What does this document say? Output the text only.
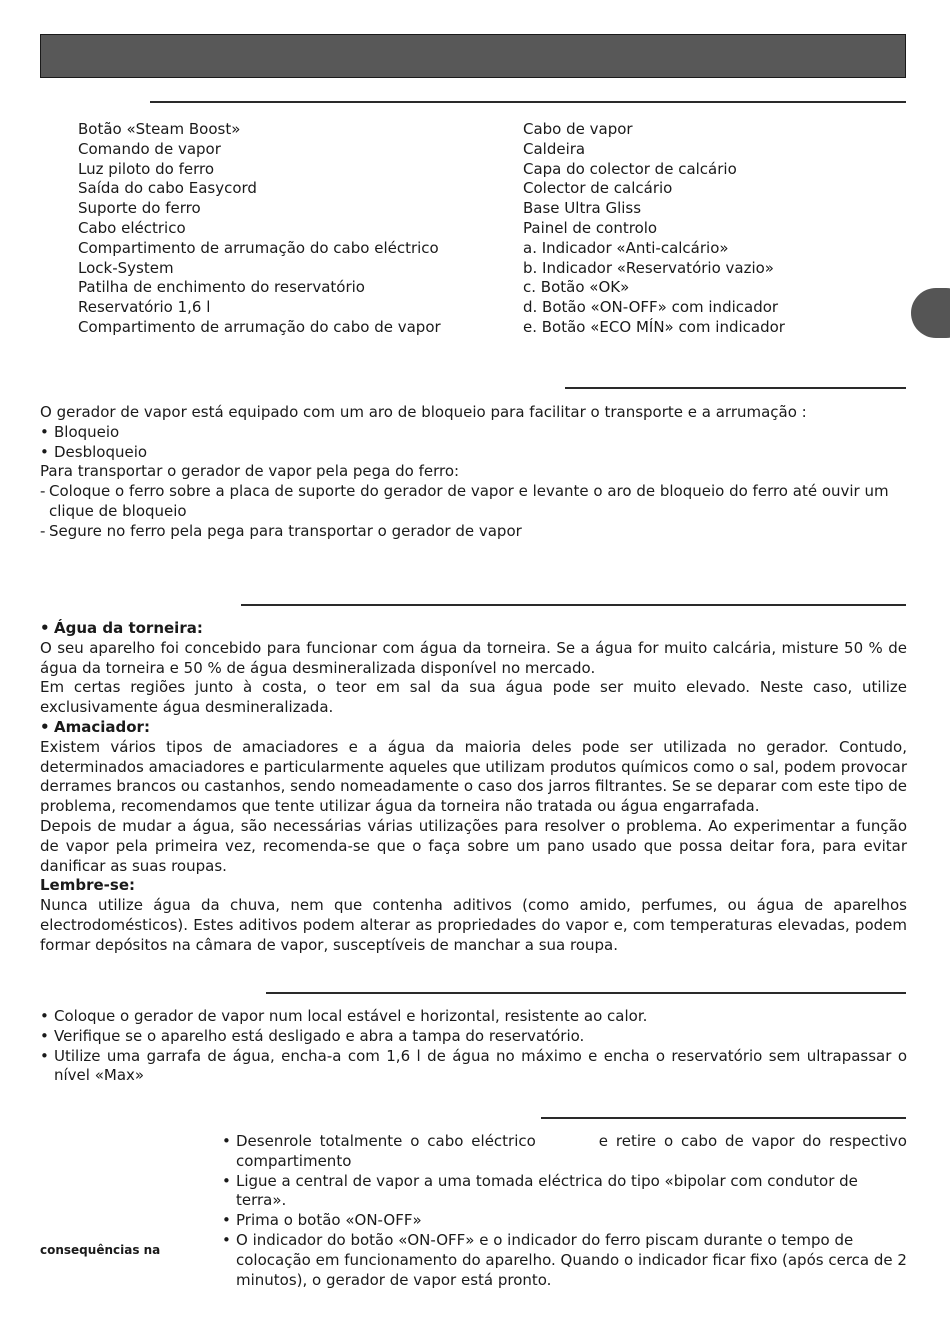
Botão «Steam Boost»
Comando de vapor
Luz piloto do ferro
Saída do cabo Easycord
Suporte do ferro
Cabo eléctrico
Compartimento de arrumação do cabo eléctrico
Lock-System
Patilha de enchimento do reservatório
Reservatório 1,6 l
Compartimento de arrumação do cabo de vapor
Cabo de vapor
Caldeira
Capa do colector de calcário
Colector de calcário
Base Ultra Gliss
Painel de controlo
a. Indicador «Anti-calcário»
b. Indicador «Reservatório vazio»
c. Botão «OK»
d. Botão «ON-OFF» com indicador
e. Botão «ECO MÍN» com indicador

O gerador de vapor está equipado com um aro de bloqueio para facilitar o transporte e a arrumação :

• Bloqueio

• Desbloqueio

Para transportar o gerador de vapor pela pega do ferro:

- Coloque o ferro sobre a placa de suporte do gerador de vapor e levante o aro de bloqueio do ferro até ouvir um clique de bloqueio

- Segure no ferro pela pega para transportar o gerador de vapor

• Água da torneira:

O seu aparelho foi concebido para funcionar com água da torneira. Se a água for muito calcária, misture 50 % de água da torneira e 50 % de água desmineralizada disponível no mercado.

Em certas regiões junto à costa, o teor em sal da sua água pode ser muito elevado. Neste caso, utilize exclusivamente água desmineralizada.

• Amaciador:

Existem vários tipos de amaciadores e a água da maioria deles pode ser utilizada no gerador. Contudo, determinados amaciadores e particularmente aqueles que utilizam produtos químicos como o sal, podem provocar derrames brancos ou castanhos, sendo nomeadamente o caso dos jarros filtrantes. Se se deparar com este tipo de problema, recomendamos que tente utilizar água da torneira não tratada ou água engarrafada.

Depois de mudar a água, são necessárias várias utilizações para resolver o problema. Ao experimentar a função de vapor pela primeira vez, recomenda-se que o faça sobre um pano usado que possa deitar fora, para evitar danificar as suas roupas.

Lembre-se:

Nunca utilize água da chuva, nem que contenha aditivos (como amido, perfumes, ou água de aparelhos electrodomésticos). Estes aditivos podem alterar as propriedades do vapor e, com temperaturas elevadas, podem formar depósitos na câmara de vapor, susceptíveis de manchar a sua roupa.

• Coloque o gerador de vapor num local estável e horizontal, resistente ao calor.

• Verifique se o aparelho está desligado e abra a tampa do reservatório.

• Utilize uma garrafa de água, encha-a com 1,6 l de água no máximo e encha o reservatório sem ultrapassar o nível «Max»

consequências na

• Desenrole totalmente o cabo eléctrico        e retire o cabo de vapor do respectivo compartimento

• Ligue a central de vapor a uma tomada eléctrica do tipo «bipolar com condutor de terra».

• Prima o botão «ON-OFF»

• O indicador do botão «ON-OFF» e o indicador do ferro piscam durante o tempo de colocação em funcionamento do aparelho. Quando o indicador ficar fixo (após cerca de 2 minutos), o gerador de vapor está pronto.
